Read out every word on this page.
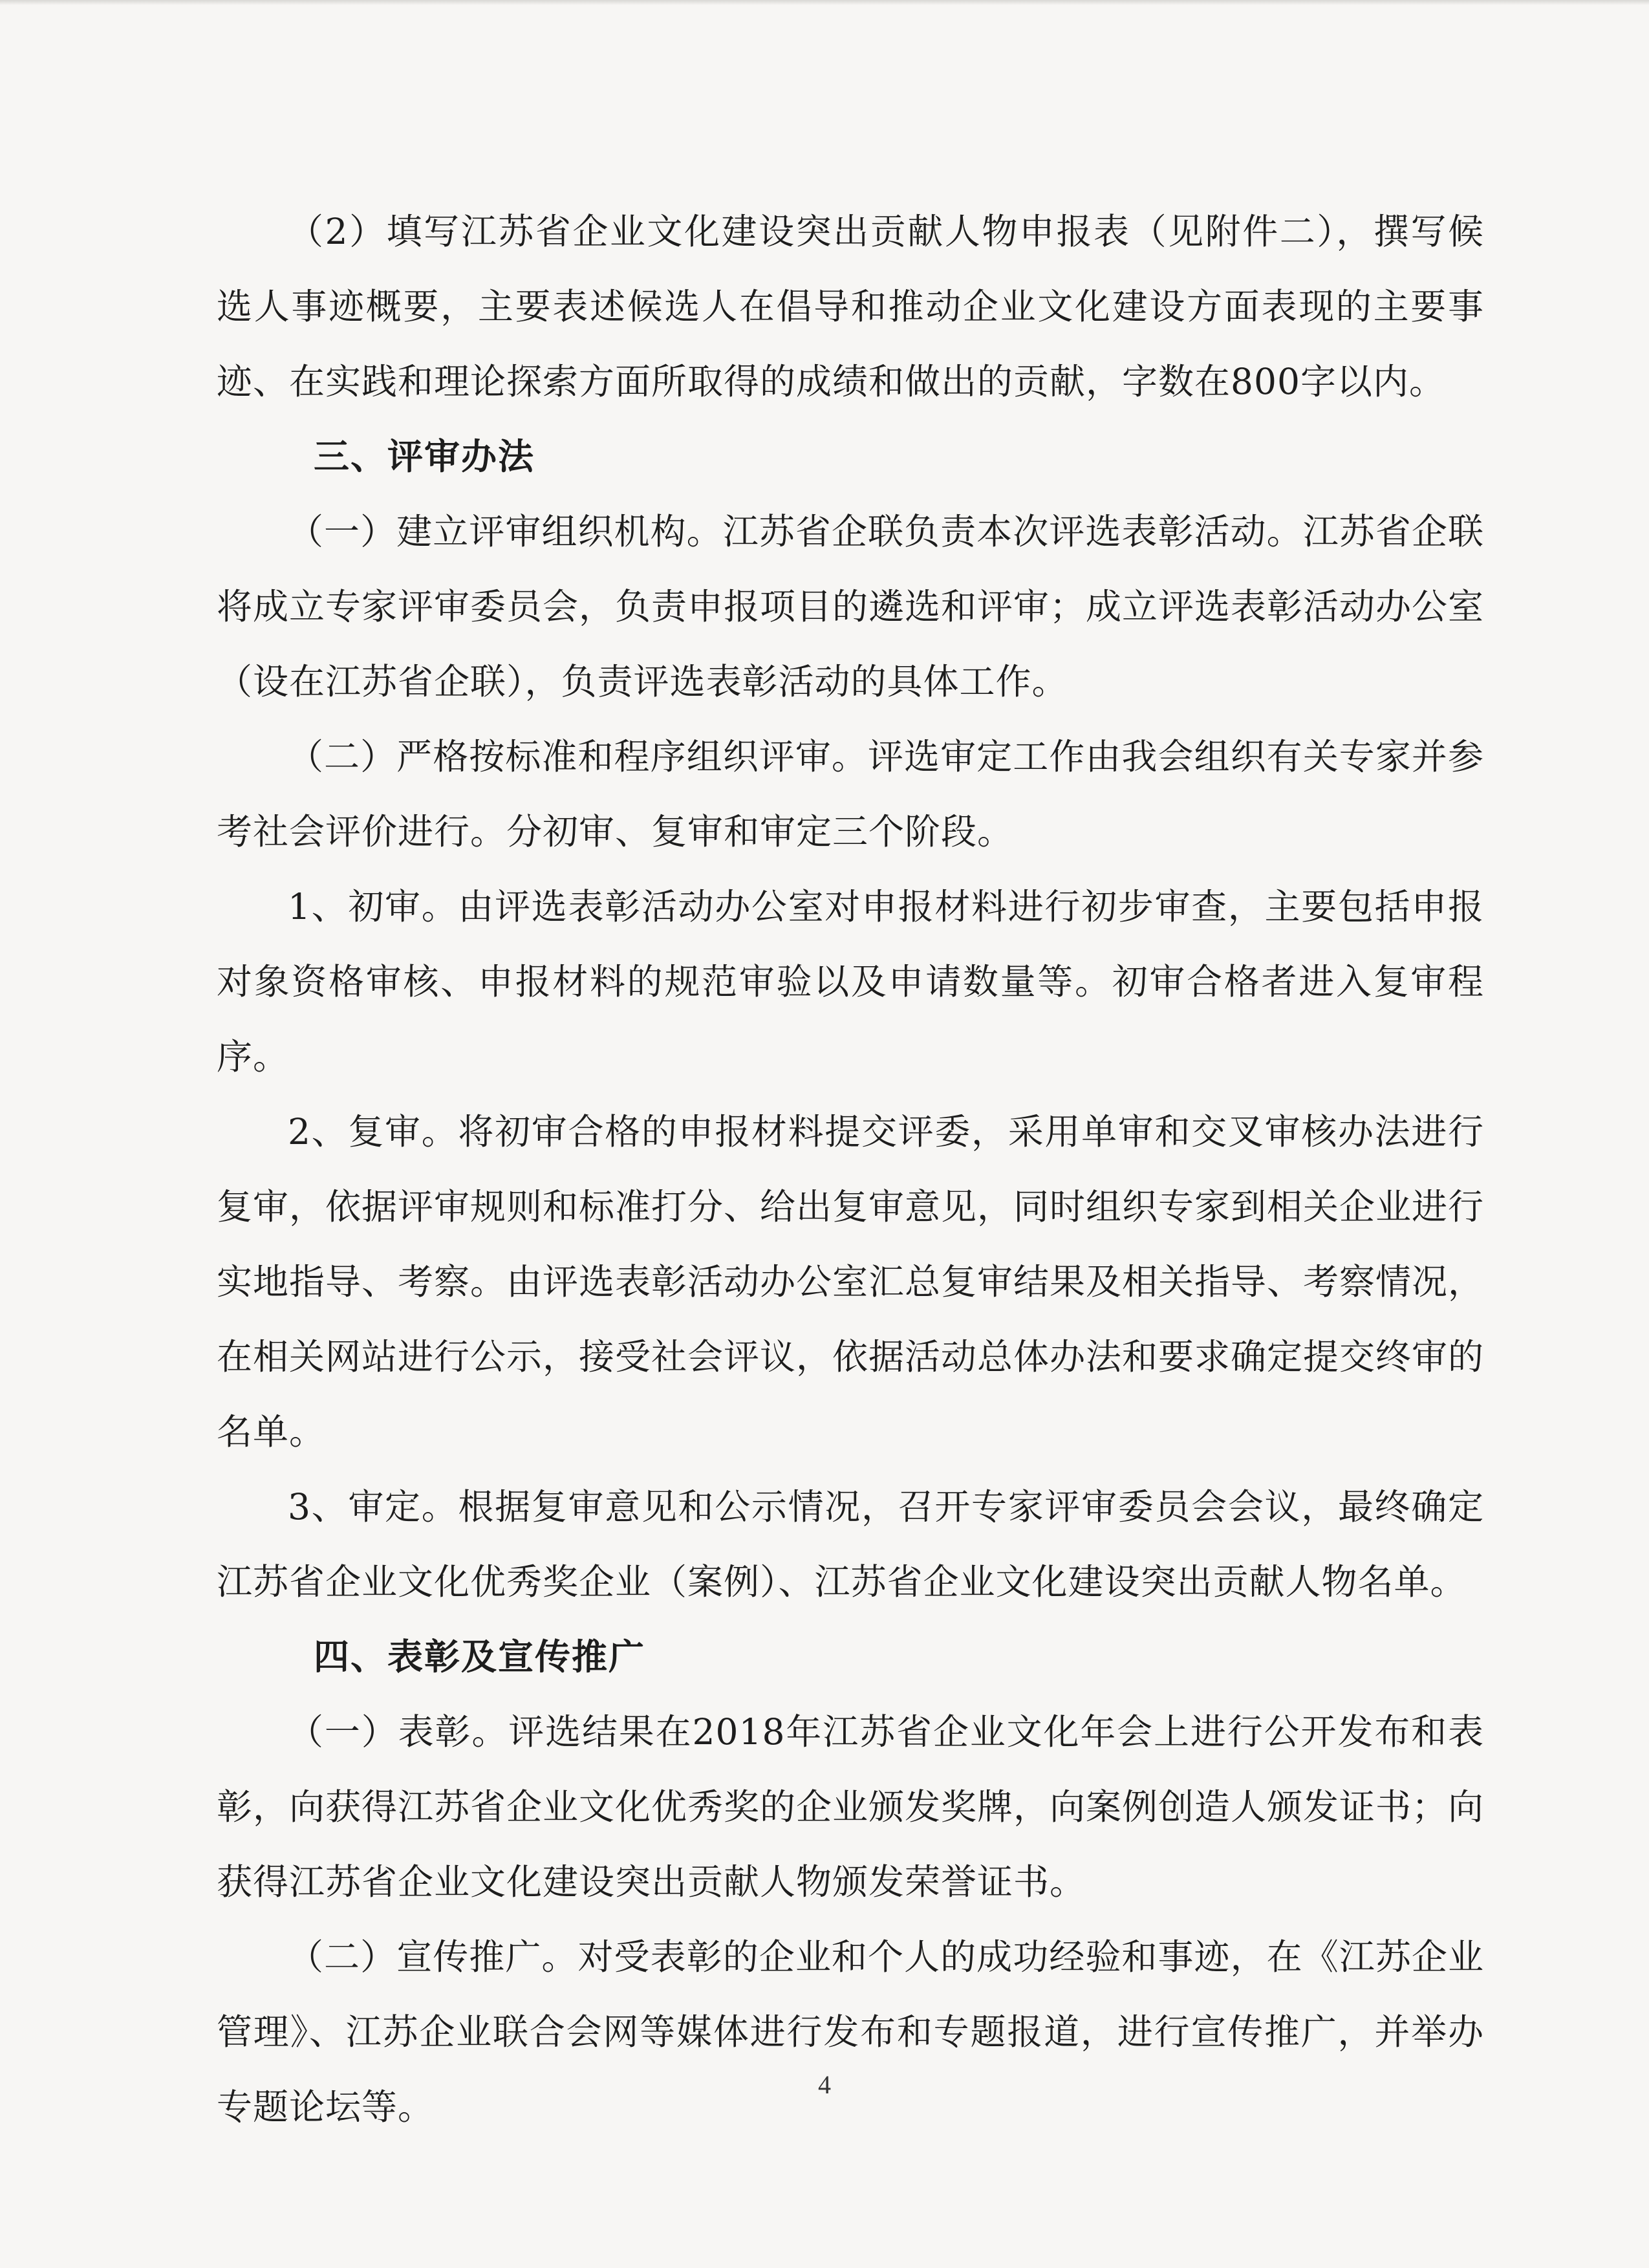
（2）填写江苏省企业文化建设突出贡献人物申报表（见附件二），撰写候选人事迹概要，主要表述候选人在倡导和推动企业文化建设方面表现的主要事迹、在实践和理论探索方面所取得的成绩和做出的贡献，字数在800字以内。

三、评审办法

（一）建立评审组织机构。江苏省企联负责本次评选表彰活动。江苏省企联将成立专家评审委员会，负责申报项目的遴选和评审；成立评选表彰活动办公室（设在江苏省企联），负责评选表彰活动的具体工作。

（二）严格按标准和程序组织评审。评选审定工作由我会组织有关专家并参考社会评价进行。分初审、复审和审定三个阶段。

1、初审。由评选表彰活动办公室对申报材料进行初步审查，主要包括申报对象资格审核、申报材料的规范审验以及申请数量等。初审合格者进入复审程序。

2、复审。将初审合格的申报材料提交评委，采用单审和交叉审核办法进行复审，依据评审规则和标准打分、给出复审意见，同时组织专家到相关企业进行实地指导、考察。由评选表彰活动办公室汇总复审结果及相关指导、考察情况，在相关网站进行公示，接受社会评议，依据活动总体办法和要求确定提交终审的名单。

3、审定。根据复审意见和公示情况，召开专家评审委员会会议，最终确定江苏省企业文化优秀奖企业（案例）、江苏省企业文化建设突出贡献人物名单。

四、表彰及宣传推广

（一）表彰。评选结果在2018年江苏省企业文化年会上进行公开发布和表彰，向获得江苏省企业文化优秀奖的企业颁发奖牌，向案例创造人颁发证书；向获得江苏省企业文化建设突出贡献人物颁发荣誉证书。

（二）宣传推广。对受表彰的企业和个人的成功经验和事迹，在《江苏企业管理》、江苏企业联合会网等媒体进行发布和专题报道，进行宣传推广，并举办专题论坛等。

4
